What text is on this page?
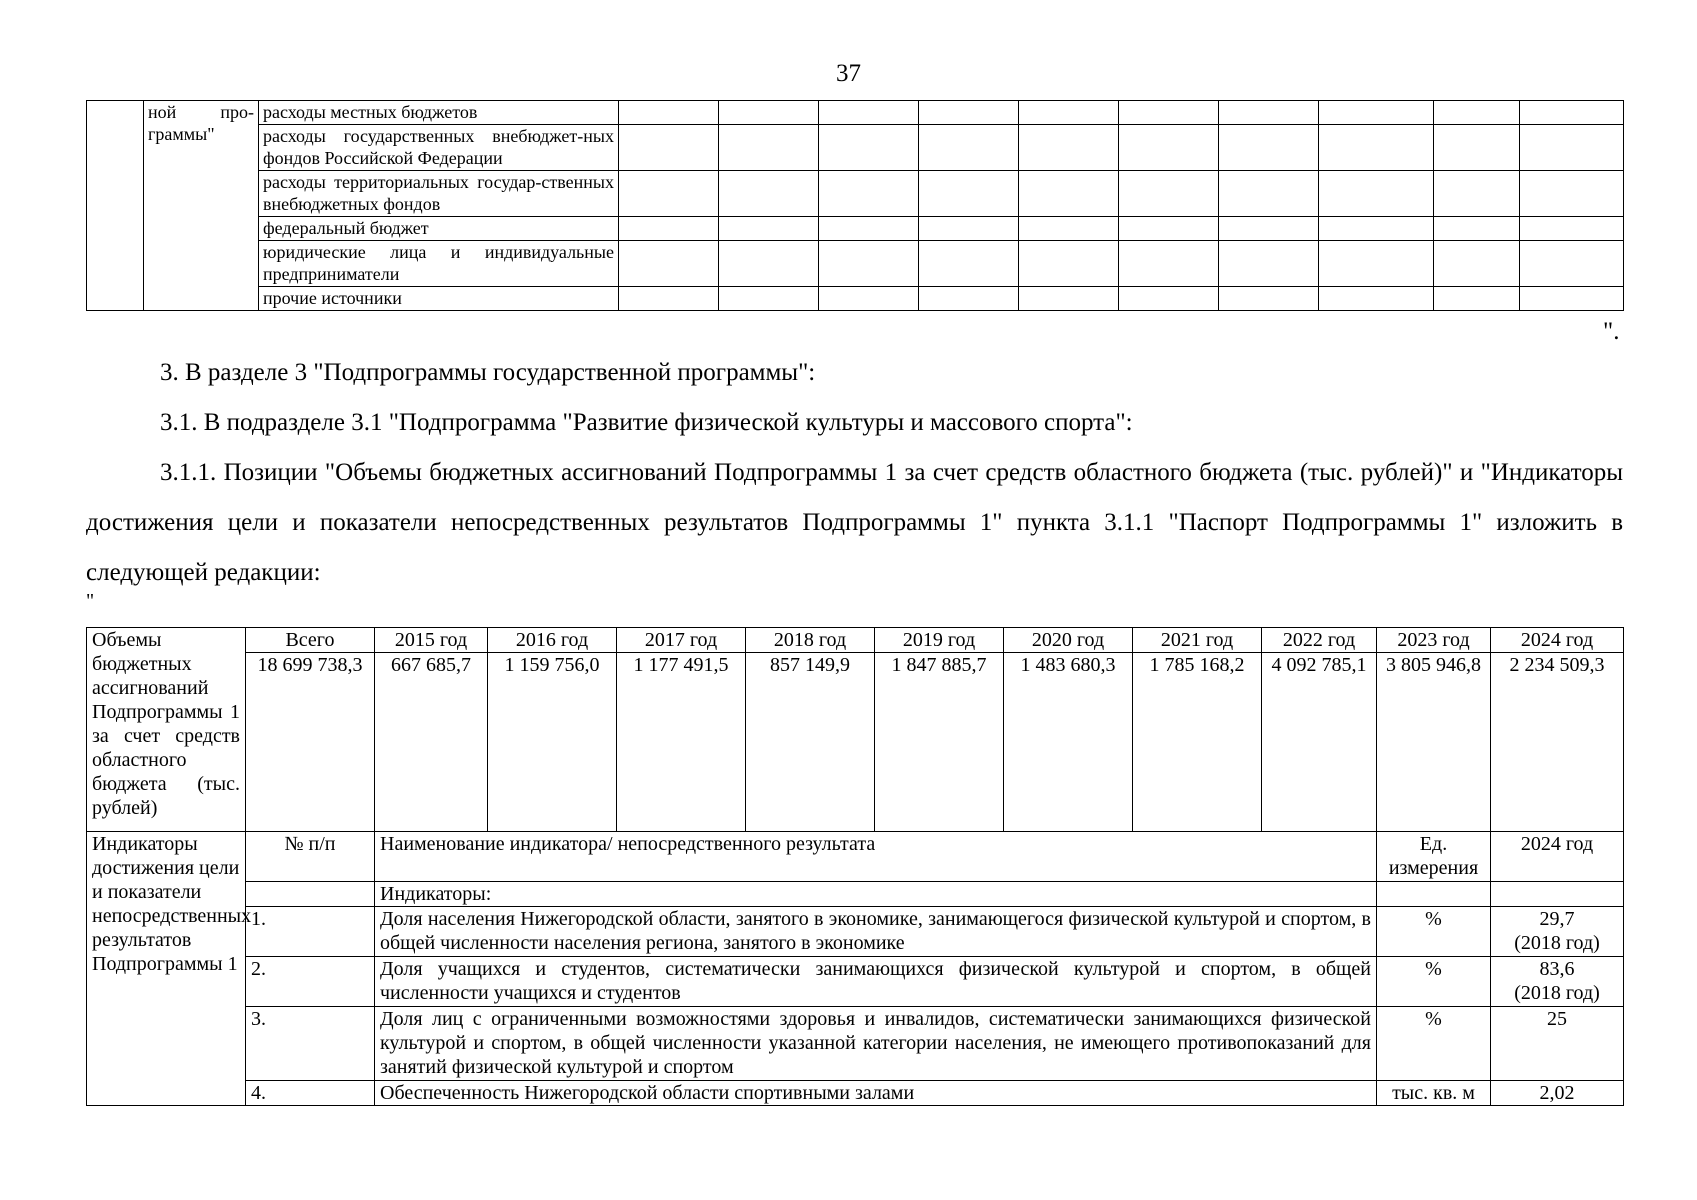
37
	ной про-граммы"	расходы местных бюджетов										
		расходы государственных внебюджет-ных фондов Российской Федерации										
		расходы территориальных государ-ственных внебюджетных фондов										
		федеральный бюджет										
		юридические лица и индивидуальные предприниматели										
		прочие источники										
".
3. В разделе 3 "Подпрограммы государственной программы":
3.1. В подразделе 3.1 "Подпрограмма "Развитие физической культуры и массового спорта":
3.1.1. Позиции "Объемы бюджетных ассигнований Подпрограммы 1 за счет средств областного бюджета (тыс. рублей)" и "Индикаторы достижения цели и показатели непосредственных результатов Подпрограммы 1" пункта 3.1.1 "Паспорт Подпрограммы 1" изложить в следующей редакции:
"
Объемы бюджетных ассигнований Подпрограммы 1 за счет средств областного бюджета (тыс. рублей)	Всего	2015 год	2016 год	2017 год	2018 год	2019 год	2020 год	2021 год	2022 год	2023 год	2024 год
	18 699 738,3	667 685,7	1 159 756,0	1 177 491,5	857 149,9	1 847 885,7	1 483 680,3	1 785 168,2	4 092 785,1	3 805 946,8	2 234 509,3
Индикаторы достижения цели и показатели непосредственных результатов Подпрограммы 1	№ п/п	Наименование индикатора/ непосредственного результата								Ед. измерения	2024 год
		Индикаторы:									
	1.	Доля населения Нижегородской области, занятого в экономике, занимающегося физической культурой и спортом, в общей численности населения региона, занятого в экономике								%	29,7
(2018 год)

	2.	Доля учащихся и студентов, систематически занимающихся физической культурой и спортом, в общей численности учащихся и студентов								%	83,6
(2018 год)

	3.	Доля лиц с ограниченными возможностями здоровья и инвалидов, систематически занимающихся физической культурой и спортом, в общей численности указанной категории населения, не имеющего противопоказаний для занятий физической культурой и спортом								%	25

	4.	Обеспеченность Нижегородской области спортивными залами								тыс. кв. м	2,02
